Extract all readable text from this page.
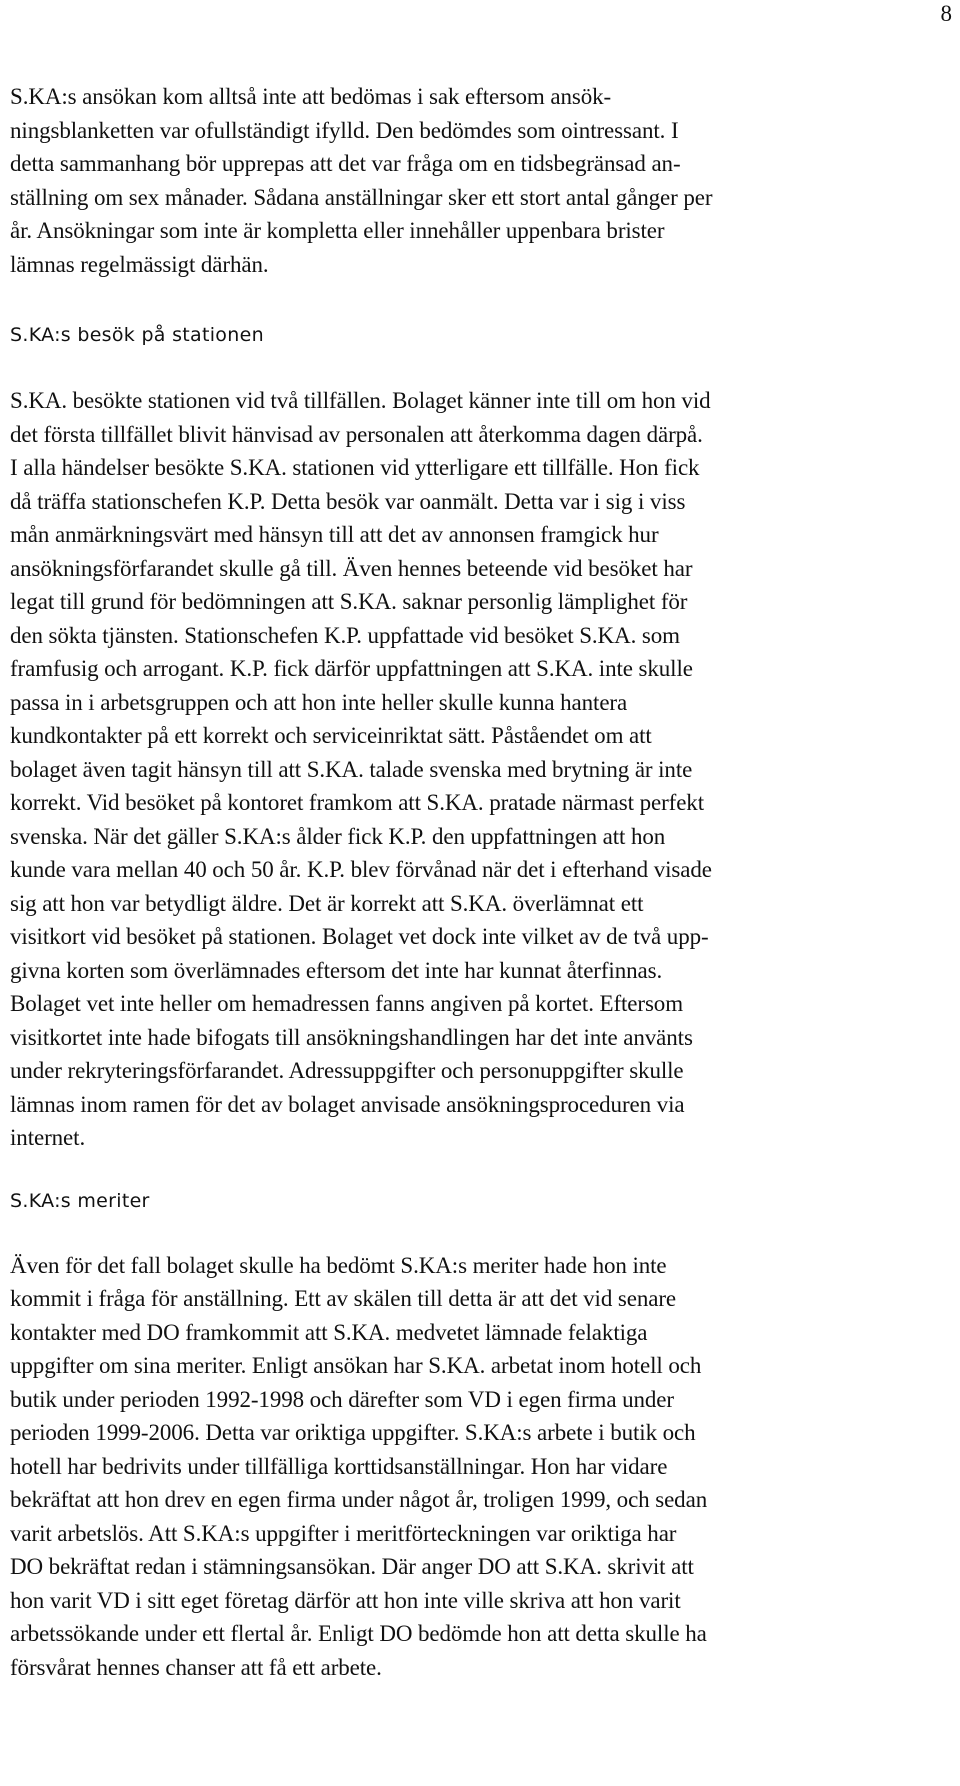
8
S.KA:s ansökan kom alltså inte att bedömas i sak eftersom ansök-
ningsblanketten var ofullständigt ifylld. Den bedömdes som ointressant. I
detta sammanhang bör upprepas att det var fråga om en tidsbegränsad an-
ställning om sex månader. Sådana anställningar sker ett stort antal gånger per
år. Ansökningar som inte är kompletta eller innehåller uppenbara brister
lämnas regelmässigt därhän.
S.KA:s besök på stationen
S.KA. besökte stationen vid två tillfällen. Bolaget känner inte till om hon vid
det första tillfället blivit hänvisad av personalen att återkomma dagen därpå.
I alla händelser besökte S.KA. stationen vid ytterligare ett tillfälle. Hon fick
då träffa stationschefen K.P. Detta besök var oanmält. Detta var i sig i viss
mån anmärkningsvärt med hänsyn till att det av annonsen framgick hur
ansökningsförfarandet skulle gå till. Även hennes beteende vid besöket har
legat till grund för bedömningen att S.KA. saknar personlig lämplighet för
den sökta tjänsten. Stationschefen K.P. uppfattade vid besöket S.KA. som
framfusig och arrogant. K.P. fick därför uppfattningen att S.KA. inte skulle
passa in i arbetsgruppen och att hon inte heller skulle kunna hantera
kundkontakter på ett korrekt och serviceinriktat sätt. Påståendet om att
bolaget även tagit hänsyn till att S.KA. talade svenska med brytning är inte
korrekt. Vid besöket på kontoret framkom att S.KA. pratade närmast perfekt
svenska. När det gäller S.KA:s ålder fick K.P. den uppfattningen att hon
kunde vara mellan 40 och 50 år. K.P. blev förvånad när det i efterhand visade
sig att hon var betydligt äldre. Det är korrekt att S.KA. överlämnat ett
visitkort vid besöket på stationen. Bolaget vet dock inte vilket av de två upp-
givna korten som överlämnades eftersom det inte har kunnat återfinnas.
Bolaget vet inte heller om hemadressen fanns angiven på kortet. Eftersom
visitkortet inte hade bifogats till ansökningshandlingen har det inte använts
under rekryteringsförfarandet. Adressuppgifter och personuppgifter skulle
lämnas inom ramen för det av bolaget anvisade ansökningsproceduren via
internet.
S.KA:s meriter
Även för det fall bolaget skulle ha bedömt S.KA:s meriter hade hon inte
kommit i fråga för anställning. Ett av skälen till detta är att det vid senare
kontakter med DO framkommit att S.KA. medvetet lämnade felaktiga
uppgifter om sina meriter. Enligt ansökan har S.KA. arbetat inom hotell och
butik under perioden 1992-1998 och därefter som VD i egen firma under
perioden 1999-2006. Detta var oriktiga uppgifter. S.KA:s arbete i butik och
hotell har bedrivits under tillfälliga korttidsanställningar. Hon har vidare
bekräftat att hon drev en egen firma under något år, troligen 1999, och sedan
varit arbetslös. Att S.KA:s uppgifter i meritförteckningen var oriktiga har
DO bekräftat redan i stämningsansökan. Där anger DO att S.KA. skrivit att
hon varit VD i sitt eget företag därför att hon inte ville skriva att hon varit
arbetssökande under ett flertal år. Enligt DO bedömde hon att detta skulle ha
försvårat hennes chanser att få ett arbete.
